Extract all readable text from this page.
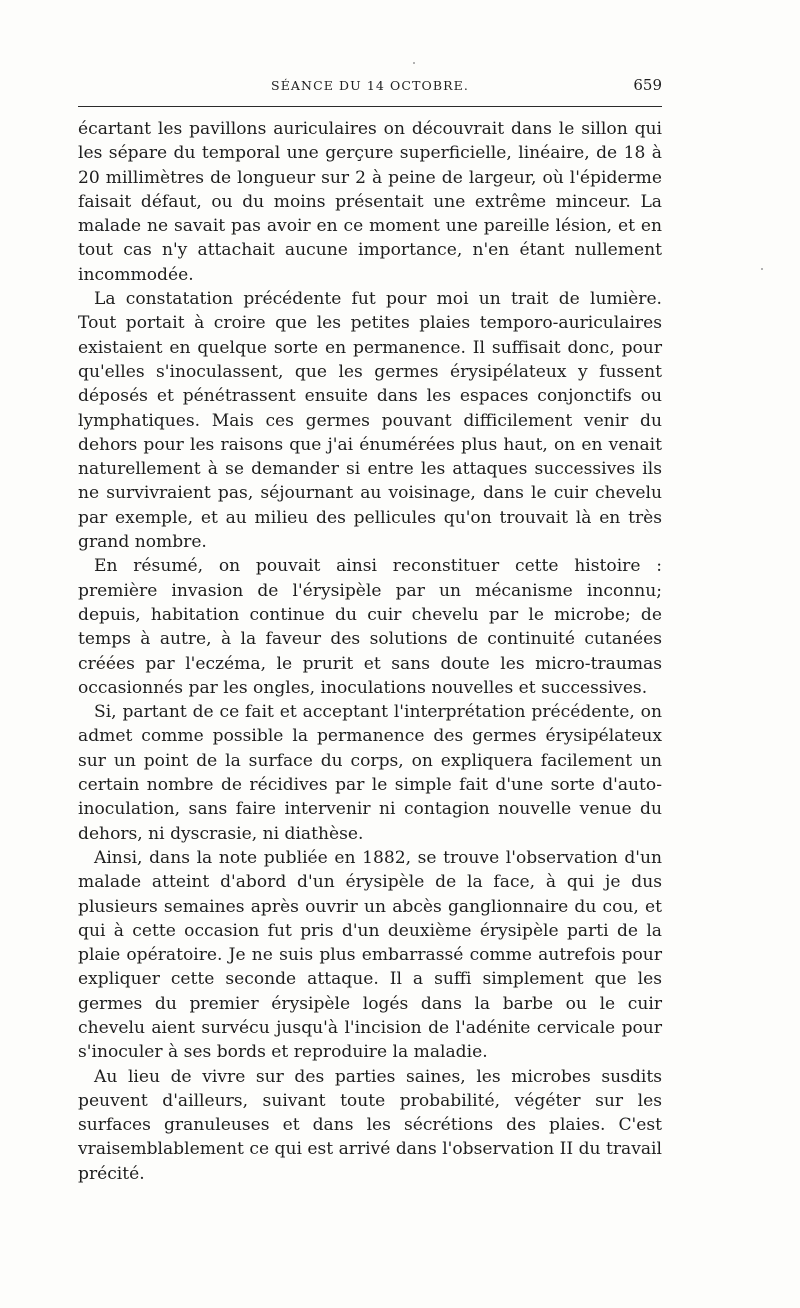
SÉANCE DU 14 OCTOBRE.	659

écartant les pavillons auriculaires on découvrait dans le sillon qui les sépare du temporal une gerçure superficielle, linéaire, de 18 à 20 millimètres de longueur sur 2 à peine de largeur, où l'épiderme faisait défaut, ou du moins présentait une extrême minceur. La malade ne savait pas avoir en ce moment une pareille lésion, et en tout cas n'y attachait aucune importance, n'en étant nullement incommodée.

La constatation précédente fut pour moi un trait de lumière. Tout portait à croire que les petites plaies temporo-auriculaires existaient en quelque sorte en permanence. Il suffisait donc, pour qu'elles s'inoculassent, que les germes érysipélateux y fussent déposés et pénétrassent ensuite dans les espaces conjonctifs ou lymphatiques. Mais ces germes pouvant difficilement venir du dehors pour les raisons que j'ai énumérées plus haut, on en venait naturellement à se demander si entre les attaques successives ils ne survivraient pas, séjournant au voisinage, dans le cuir chevelu par exemple, et au milieu des pellicules qu'on trouvait là en très grand nombre.

En résumé, on pouvait ainsi reconstituer cette histoire : première invasion de l'érysipèle par un mécanisme inconnu; depuis, habitation continue du cuir chevelu par le microbe; de temps à autre, à la faveur des solutions de continuité cutanées créées par l'eczéma, le prurit et sans doute les micro-traumas occasionnés par les ongles, inoculations nouvelles et successives.

Si, partant de ce fait et acceptant l'interprétation précédente, on admet comme possible la permanence des germes érysipélateux sur un point de la surface du corps, on expliquera facilement un certain nombre de récidives par le simple fait d'une sorte d'auto-inoculation, sans faire intervenir ni contagion nouvelle venue du dehors, ni dyscrasie, ni diathèse.

Ainsi, dans la note publiée en 1882, se trouve l'observation d'un malade atteint d'abord d'un érysipèle de la face, à qui je dus plusieurs semaines après ouvrir un abcès ganglionnaire du cou, et qui à cette occasion fut pris d'un deuxième érysipèle parti de la plaie opératoire. Je ne suis plus embarrassé comme autrefois pour expliquer cette seconde attaque. Il a suffi simplement que les germes du premier érysipèle logés dans la barbe ou le cuir chevelu aient survécu jusqu'à l'incision de l'adénite cervicale pour s'inoculer à ses bords et reproduire la maladie.

Au lieu de vivre sur des parties saines, les microbes susdits peuvent d'ailleurs, suivant toute probabilité, végéter sur les surfaces granuleuses et dans les sécrétions des plaies. C'est vraisemblablement ce qui est arrivé dans l'observation II du travail précité.
